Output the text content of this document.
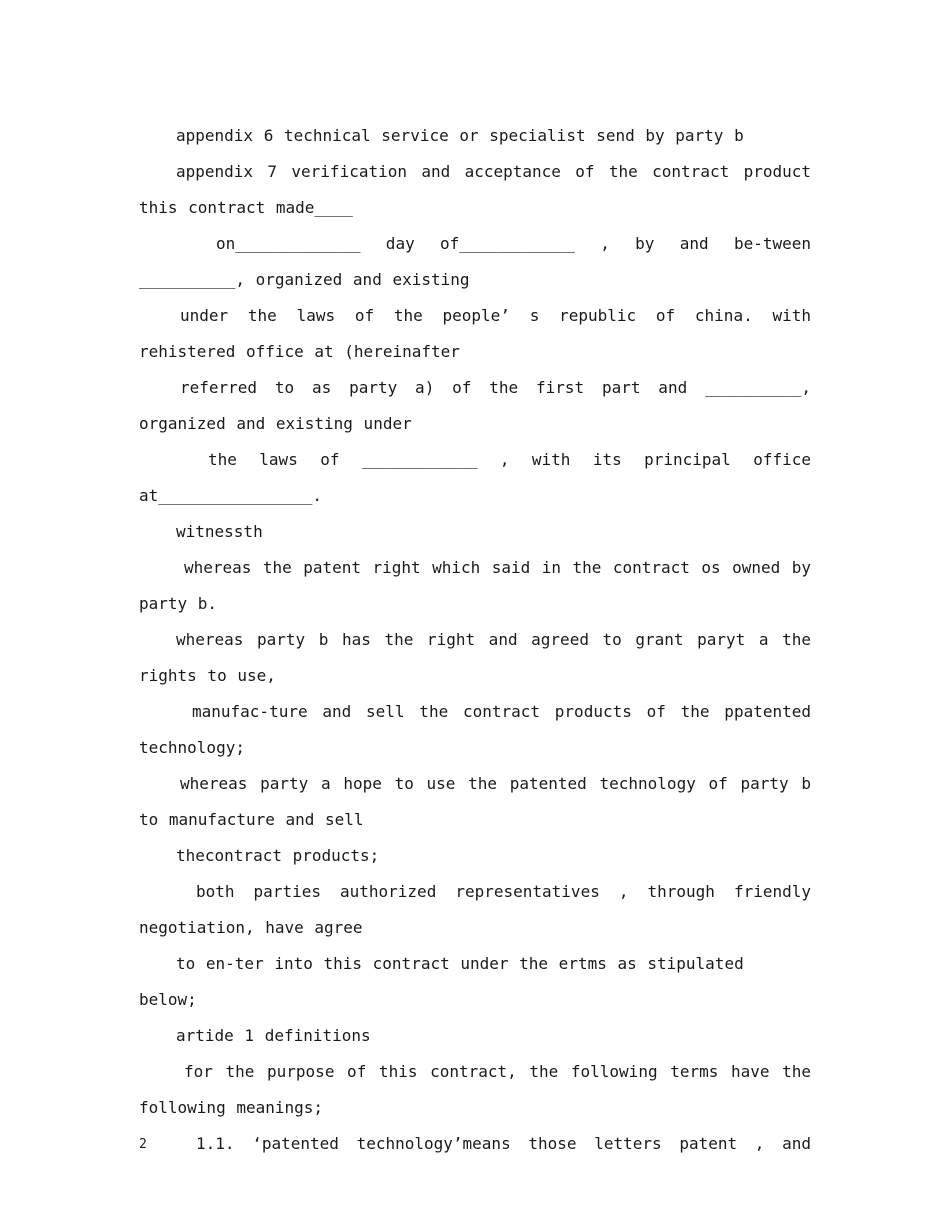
appendix 6 technical service or specialist send by party b

appendix 7 verification and acceptance of the contract product this contract made____

on_____________ day of____________ , by and be-tween __________, organized and existing

under the laws of the people’ s republic of china. with rehistered office at (hereinafter

referred to as party a) of the first part and __________, organized and existing under

the laws of ____________ , with its principal office at________________.

witnessth

whereas the patent right which said in the contract os owned by party b.

whereas party b has the right and agreed to grant paryt a the rights to use,

manufac-ture and sell the contract products of the ppatented technology;

whereas party a hope to use the patented technology of party b to manufacture and sell

thecontract products;

both parties authorized representatives , through friendly negotiation, have agree

to en-ter into this contract under the ertms as stipulated below;

artide 1 definitions

for the purpose of this contract, the following terms have the following meanings;

1.1. ‘patented technology’means those letters patent , and

2
